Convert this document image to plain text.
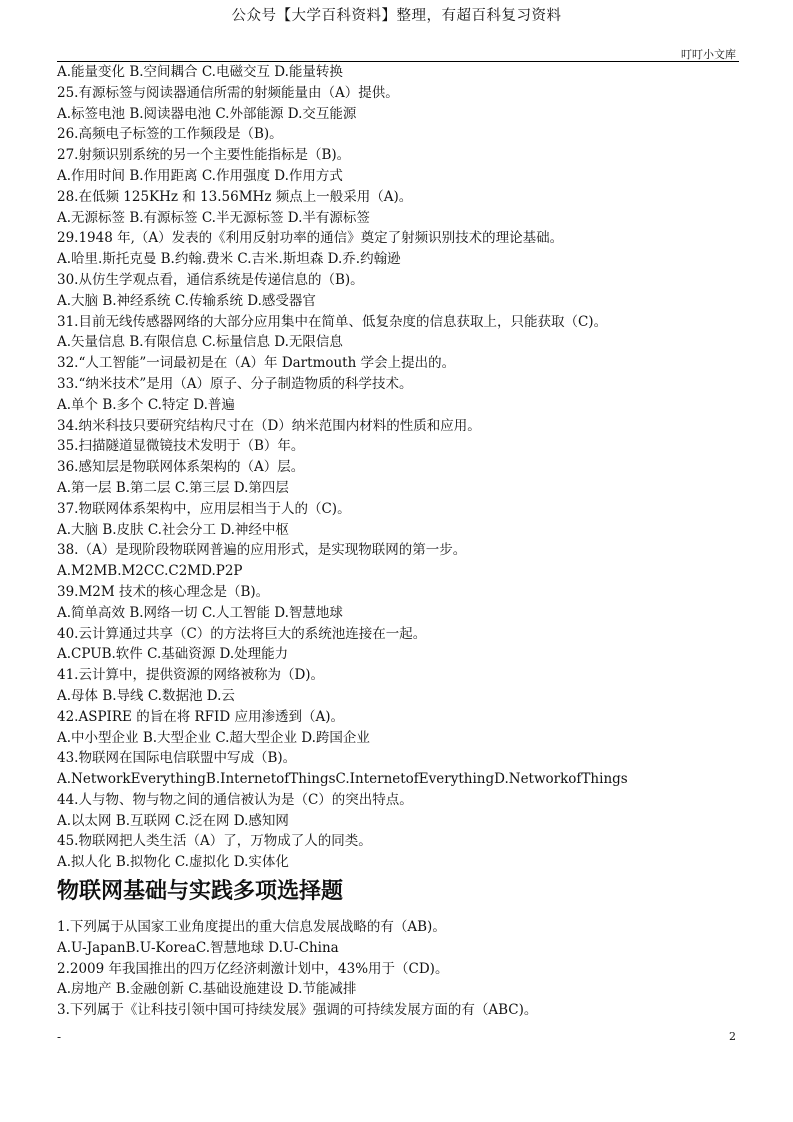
公众号【大学百科资料】整理，有超百科复习资料
叮叮小文库
A.能量变化 B.空间耦合 C.电磁交互 D.能量转换
25.有源标签与阅读器通信所需的射频能量由（A）提供。
A.标签电池 B.阅读器电池 C.外部能源 D.交互能源
26.高频电子标签的工作频段是（B)。
27.射频识别系统的另一个主要性能指标是（B)。
A.作用时间 B.作用距离 C.作用强度 D.作用方式
28.在低频 125KHz 和 13.56MHz 频点上一般采用（A)。
A.无源标签 B.有源标签 C.半无源标签 D.半有源标签
29.1948 年,（A）发表的《利用反射功率的通信》奠定了射频识别技术的理论基础。
A.哈里.斯托克曼 B.约翰.费米 C.吉米.斯坦森 D.乔.约翰逊
30.从仿生学观点看，通信系统是传递信息的（B)。
A.大脑 B.神经系统 C.传输系统 D.感受器官
31.目前无线传感器网络的大部分应用集中在简单、低复杂度的信息获取上，只能获取（C)。
A.矢量信息 B.有限信息 C.标量信息 D.无限信息
32.“人工智能”一词最初是在（A）年 Dartmouth 学会上提出的。
33.“纳米技术”是用（A）原子、分子制造物质的科学技术。
A.单个 B.多个 C.特定 D.普遍
34.纳米科技只要研究结构尺寸在（D）纳米范围内材料的性质和应用。
35.扫描隧道显微镜技术发明于（B）年。
36.感知层是物联网体系架构的（A）层。
A.第一层 B.第二层 C.第三层 D.第四层
37.物联网体系架构中，应用层相当于人的（C)。
A.大脑 B.皮肤 C.社会分工 D.神经中枢
38.（A）是现阶段物联网普遍的应用形式，是实现物联网的第一步。
A.M2MB.M2CC.C2MD.P2P
39.M2M 技术的核心理念是（B)。
A.简单高效 B.网络一切 C.人工智能 D.智慧地球
40.云计算通过共享（C）的方法将巨大的系统池连接在一起。
A.CPUB.软件 C.基础资源 D.处理能力
41.云计算中，提供资源的网络被称为（D)。
A.母体 B.导线 C.数据池 D.云
42.ASPIRE 的旨在将 RFID 应用渗透到（A)。
A.中小型企业 B.大型企业 C.超大型企业 D.跨国企业
43.物联网在国际电信联盟中写成（B)。
A.NetworkEverythingB.InternetofThingsC.InternetofEverythingD.NetworkofThings
44.人与物、物与物之间的通信被认为是（C）的突出特点。
A.以太网 B.互联网 C.泛在网 D.感知网
45.物联网把人类生活（A）了，万物成了人的同类。
A.拟人化 B.拟物化 C.虚拟化 D.实体化
物联网基础与实践多项选择题
1.下列属于从国家工业角度提出的重大信息发展战略的有（AB)。
A.U-JapanB.U-KoreaC.智慧地球 D.U-China
2.2009 年我国推出的四万亿经济刺激计划中，43%用于（CD)。
A.房地产 B.金融创新 C.基础设施建设 D.节能减排
3.下列属于《让科技引领中国可持续发展》强调的可持续发展方面的有（ABC)。
-	2
